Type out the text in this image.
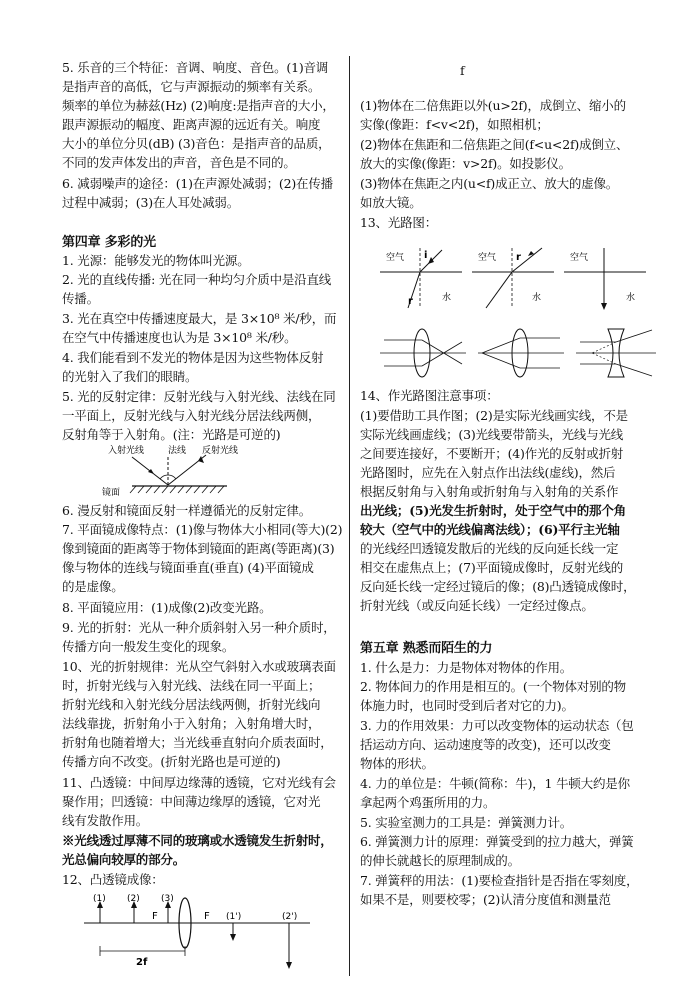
5. 乐音的三个特征：音调、响度、音色。(1)音调
是指声音的高低，它与声源振动的频率有关系。
频率的单位为赫兹(Hz) (2)响度:是指声音的大小，
跟声源振动的幅度、距离声源的远近有关。响度
大小的单位分贝(dB) (3)音色：是指声音的品质，
不同的发声体发出的声音，音色是不同的。
6. 减弱噪声的途径：(1)在声源处减弱；(2)在传播
过程中减弱；(3)在人耳处减弱。
第四章 多彩的光
1. 光源：能够发光的物体叫光源。
2. 光的直线传播: 光在同一种均匀介质中是沿直线
传播。
3. 光在真空中传播速度最大，是 3×10⁸ 米/秒，而
在空气中传播速度也认为是 3×10⁸ 米/秒。
4. 我们能看到不发光的物体是因为这些物体反射
的光射入了我们的眼睛。
5. 光的反射定律：反射光线与入射光线、法线在同
一平面上，反射光线与入射光线分居法线两侧，
反射角等于入射角。(注：光路是可逆的)
6. 漫反射和镜面反射一样遵循光的反射定律。
7. 平面镜成像特点：(1)像与物体大小相同(等大)(2)
像到镜面的距离等于物体到镜面的距离(等距离)(3)
像与物体的连线与镜面垂直(垂直) (4)平面镜成
的是虚像。
8. 平面镜应用：(1)成像(2)改变光路。
9. 光的折射：光从一种介质斜射入另一种介质时，
传播方向一般发生变化的现象。
10、光的折射规律：光从空气斜射入水或玻璃表面
时，折射光线与入射光线、法线在同一平面上；
折射光线和入射光线分居法线两侧，折射光线向
法线靠拢，折射角小于入射角；入射角增大时，
折射角也随着增大；当光线垂直射向介质表面时，
传播方向不改变。(折射光路也是可逆的)
11、凸透镜：中间厚边缘薄的透镜，它对光线有会
聚作用；凹透镜：中间薄边缘厚的透镜，它对光
线有发散作用。
※光线透过厚薄不同的玻璃或水透镜发生折射时，
光总偏向较厚的部分。
12、凸透镜成像：
入射光线	法线 反射光线
镜面
(1) (2) (3)
F	F (1')	(2')
2f
f
(1)物体在二倍焦距以外(u>2f)，成倒立、缩小的
实像(像距：f<v<2f)，如照相机；
(2)物体在焦距和二倍焦距之间(f<u<2f)成倒立、
放大的实像(像距：v>2f)。如投影仪。
(3)物体在焦距之内(u<f)成正立、放大的虚像。
如放大镜。
13、光路图：
14、作光路图注意事项：
(1)要借助工具作图；(2)是实际光线画实线，不是
实际光线画虚线；(3)光线要带箭头，光线与光线
之间要连接好，不要断开；(4)作光的反射或折射
光路图时，应先在入射点作出法线(虚线)，然后
根据反射角与入射角或折射角与入射角的关系作
出光线；(5)光发生折射时，处于空气中的那个角
较大（空气中的光线偏离法线）；(6)平行主光轴
的光线经凹透镜发散后的光线的反向延长线一定
相交在虚焦点上；(7)平面镜成像时，反射光线的
反向延长线一定经过镜后的像；(8)凸透镜成像时，
折射光线（或反向延长线）一定经过像点。
第五章 熟悉而陌生的力
1. 什么是力：力是物体对物体的作用。
2. 物体间力的作用是相互的。(一个物体对别的物
体施力时，也同时受到后者对它的力)。
3. 力的作用效果：力可以改变物体的运动状态（包
括运动方向、运动速度等的改变)，还可以改变
物体的形状。
4. 力的单位是：牛顿(简称：牛)，1 牛顿大约是你
拿起两个鸡蛋所用的力。
5. 实验室测力的工具是：弹簧测力计。
6. 弹簧测力计的原理：弹簧受到的拉力越大，弹簧
的伸长就越长的原理制成的。
7. 弹簧秤的用法：(1)要检查指针是否指在零刻度，
如果不是，则要校零；(2)认清分度值和测量范
空气
水
i
r
空气
水
r	空气
水
